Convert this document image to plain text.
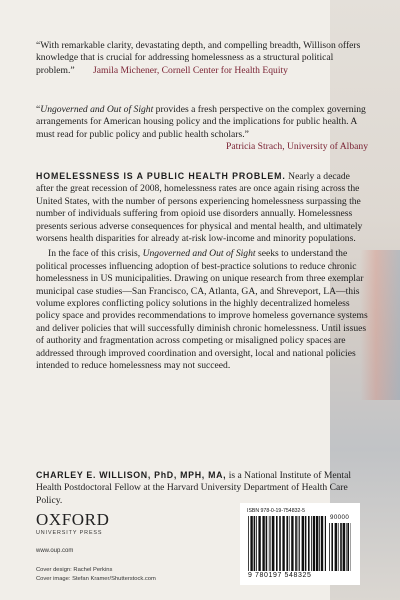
“With remarkable clarity, devastating depth, and compelling breadth, Willison offers knowledge that is crucial for addressing homelessness as a structural political problem.” Jamila Michener, Cornell Center for Health Equity

“Ungoverned and Out of Sight provides a fresh perspective on the complex governing arrangements for American housing policy and the implications for public health. A must read for public policy and public health scholars.”

Patricia Strach, University of Albany

HOMELESSNESS IS A PUBLIC HEALTH PROBLEM. Nearly a decade after the great recession of 2008, homelessness rates are once again rising across the United States, with the number of persons experiencing homelessness surpassing the number of individuals suffering from opioid use disorders annually. Homelessness presents serious adverse consequences for physical and mental health, and ultimately worsens health disparities for already at-risk low-income and minority populations.

In the face of this crisis, Ungoverned and Out of Sight seeks to understand the political processes influencing adoption of best-practice solutions to reduce chronic homelessness in US municipalities. Drawing on unique research from three exemplar municipal case studies—San Francisco, CA, Atlanta, GA, and Shreveport, LA—this volume explores conflicting policy solutions in the highly decentralized homeless policy space and provides recommendations to improve homeless governance systems and deliver policies that will successfully diminish chronic homelessness. Until issues of authority and fragmentation across competing or misaligned policy spaces are addressed through improved coordination and oversight, local and national policies intended to reduce homelessness may not succeed.

CHARLEY E. WILLISON, PhD, MPH, MA, is a National Institute of Mental Health Postdoctoral Fellow at the Harvard University Department of Health Care Policy.

OXFORD
UNIVERSITY PRESS
www.oup.com
Cover design: Rachel Perkins
Cover image: Stefan Kramer/Shutterstock.com
ISBN 978-0-19-754832-5
90000
9 780197 548325
